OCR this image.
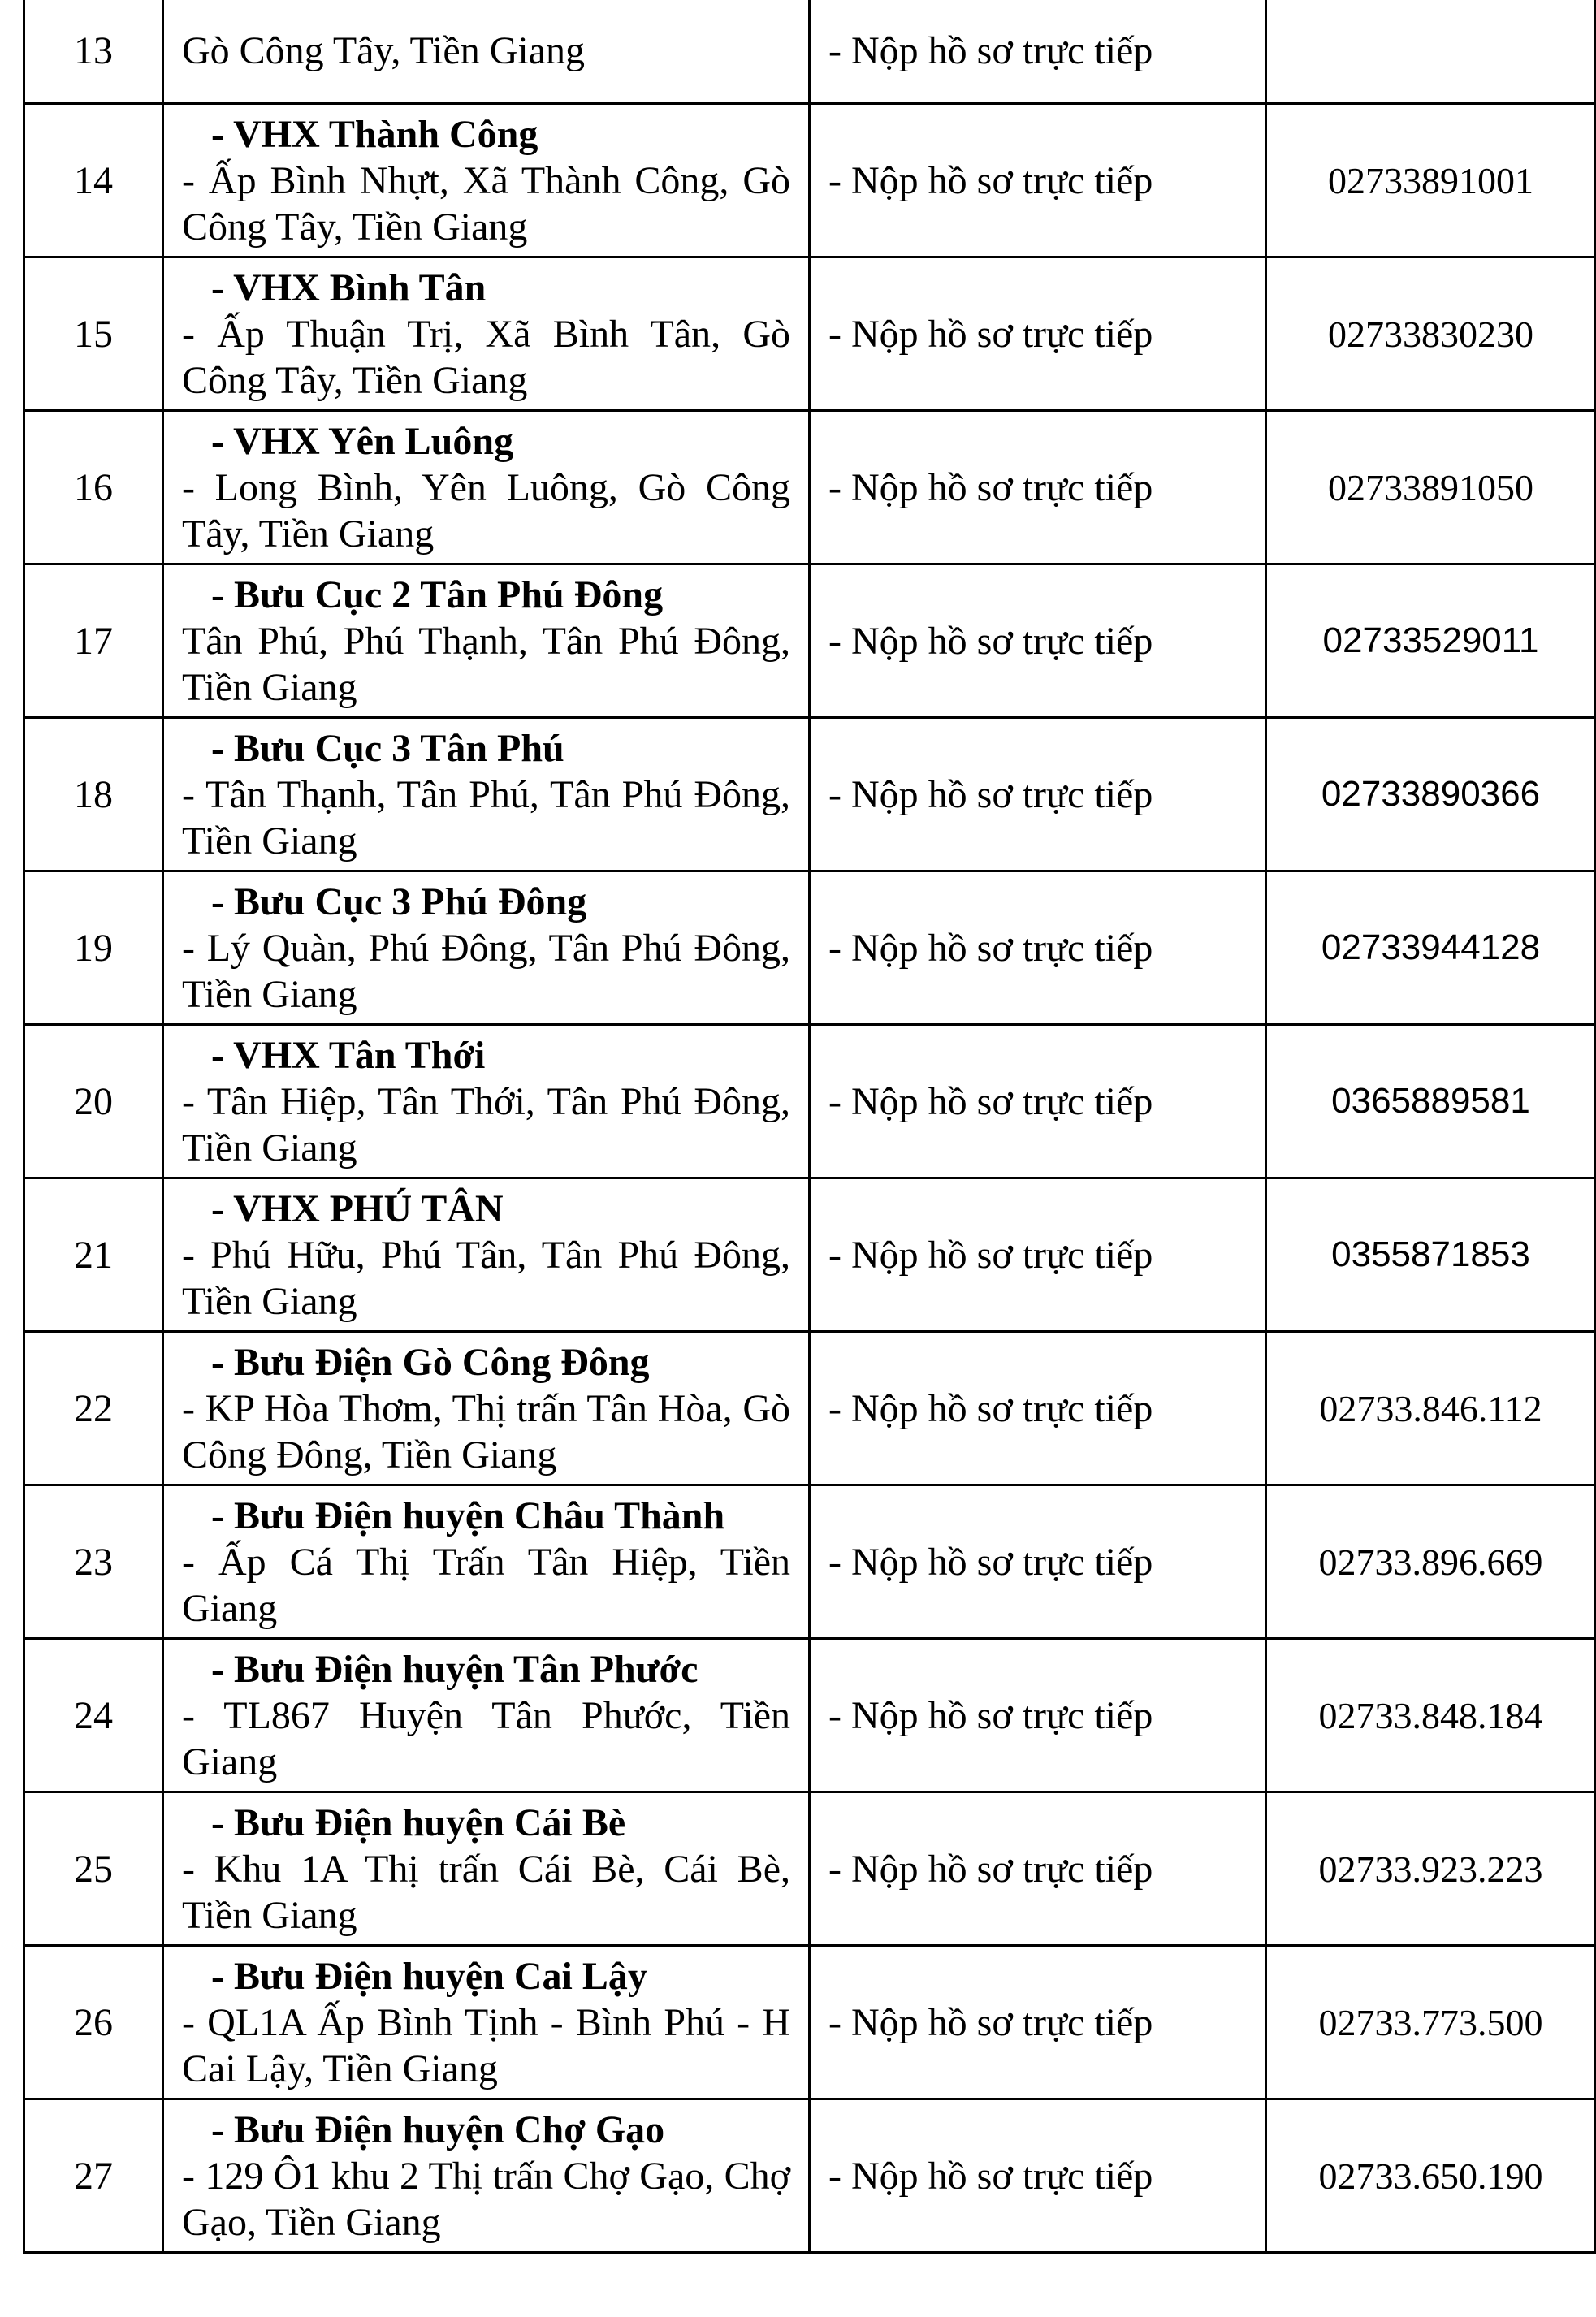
13	Gò Công Tây, Tiền Giang	- Nộp hồ sơ trực tiếp	
14	- VHX Thành Công
- Ấp Bình Nhựt, Xã Thành Công, Gò Công Tây, Tiền Giang	- Nộp hồ sơ trực tiếp	02733891001
15	- VHX Bình Tân
- Ấp Thuận Trị, Xã Bình Tân, Gò Công Tây, Tiền Giang	- Nộp hồ sơ trực tiếp	02733830230
16	- VHX Yên Luông
- Long Bình, Yên Luông, Gò Công Tây, Tiền Giang	- Nộp hồ sơ trực tiếp	02733891050
17	- Bưu Cục 2 Tân Phú Đông
Tân Phú, Phú Thạnh, Tân Phú Đông, Tiền Giang	- Nộp hồ sơ trực tiếp	02733529011
18	- Bưu Cục 3 Tân Phú
- Tân Thạnh, Tân Phú, Tân Phú Đông, Tiền Giang	- Nộp hồ sơ trực tiếp	02733890366
19	- Bưu Cục 3 Phú Đông
- Lý Quàn, Phú Đông, Tân Phú Đông, Tiền Giang	- Nộp hồ sơ trực tiếp	02733944128
20	- VHX Tân Thới
- Tân Hiệp, Tân Thới, Tân Phú Đông, Tiền Giang	- Nộp hồ sơ trực tiếp	0365889581
21	- VHX PHÚ TÂN
- Phú Hữu, Phú Tân, Tân Phú Đông, Tiền Giang	- Nộp hồ sơ trực tiếp	0355871853
22	- Bưu Điện Gò Công Đông
- KP Hòa Thơm, Thị trấn Tân Hòa, Gò Công Đông, Tiền Giang	- Nộp hồ sơ trực tiếp	02733.846.112
23	- Bưu Điện huyện Châu Thành
- Ấp Cá Thị Trấn Tân Hiệp, Tiền Giang	- Nộp hồ sơ trực tiếp	02733.896.669
24	- Bưu Điện huyện Tân Phước
- TL867 Huyện Tân Phước, Tiền Giang	- Nộp hồ sơ trực tiếp	02733.848.184
25	- Bưu Điện huyện Cái Bè
- Khu 1A Thị trấn Cái Bè, Cái Bè, Tiền Giang	- Nộp hồ sơ trực tiếp	02733.923.223
26	- Bưu Điện huyện Cai Lậy
- QL1A Ấp Bình Tịnh - Bình Phú - H Cai Lậy, Tiền Giang	- Nộp hồ sơ trực tiếp	02733.773.500
27	- Bưu Điện huyện Chợ Gạo
- 129 Ô1 khu 2 Thị trấn Chợ Gạo, Chợ Gạo, Tiền Giang	- Nộp hồ sơ trực tiếp	02733.650.190
